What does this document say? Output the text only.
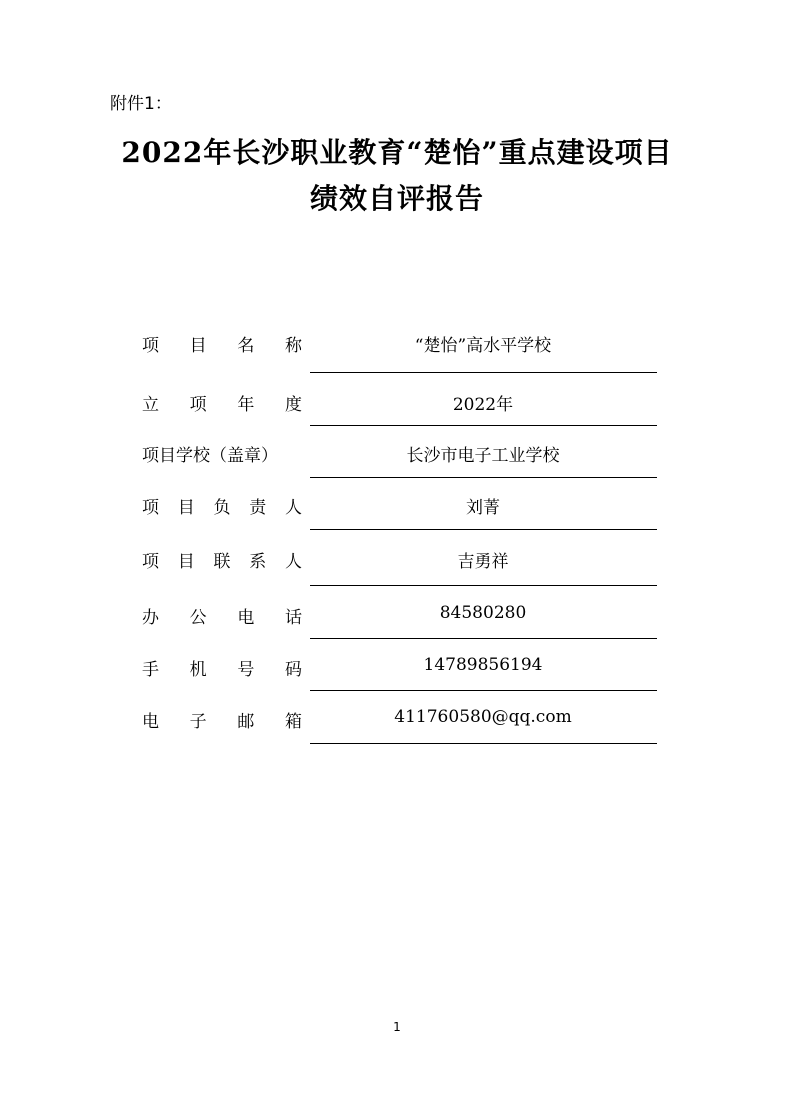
附件1：
2022年长沙职业教育“楚怡”重点建设项目
绩效自评报告
项 目 名 称	“楚怡”高水平学校
立 项 年 度	2022年
项目学校（盖章）	长沙市电子工业学校
项 目 负 责 人	刘菁
项 目 联 系 人	吉勇祥
办 公 电 话	84580280
手 机 号 码	14789856194
电 子 邮 箱	411760580@qq.com
1
